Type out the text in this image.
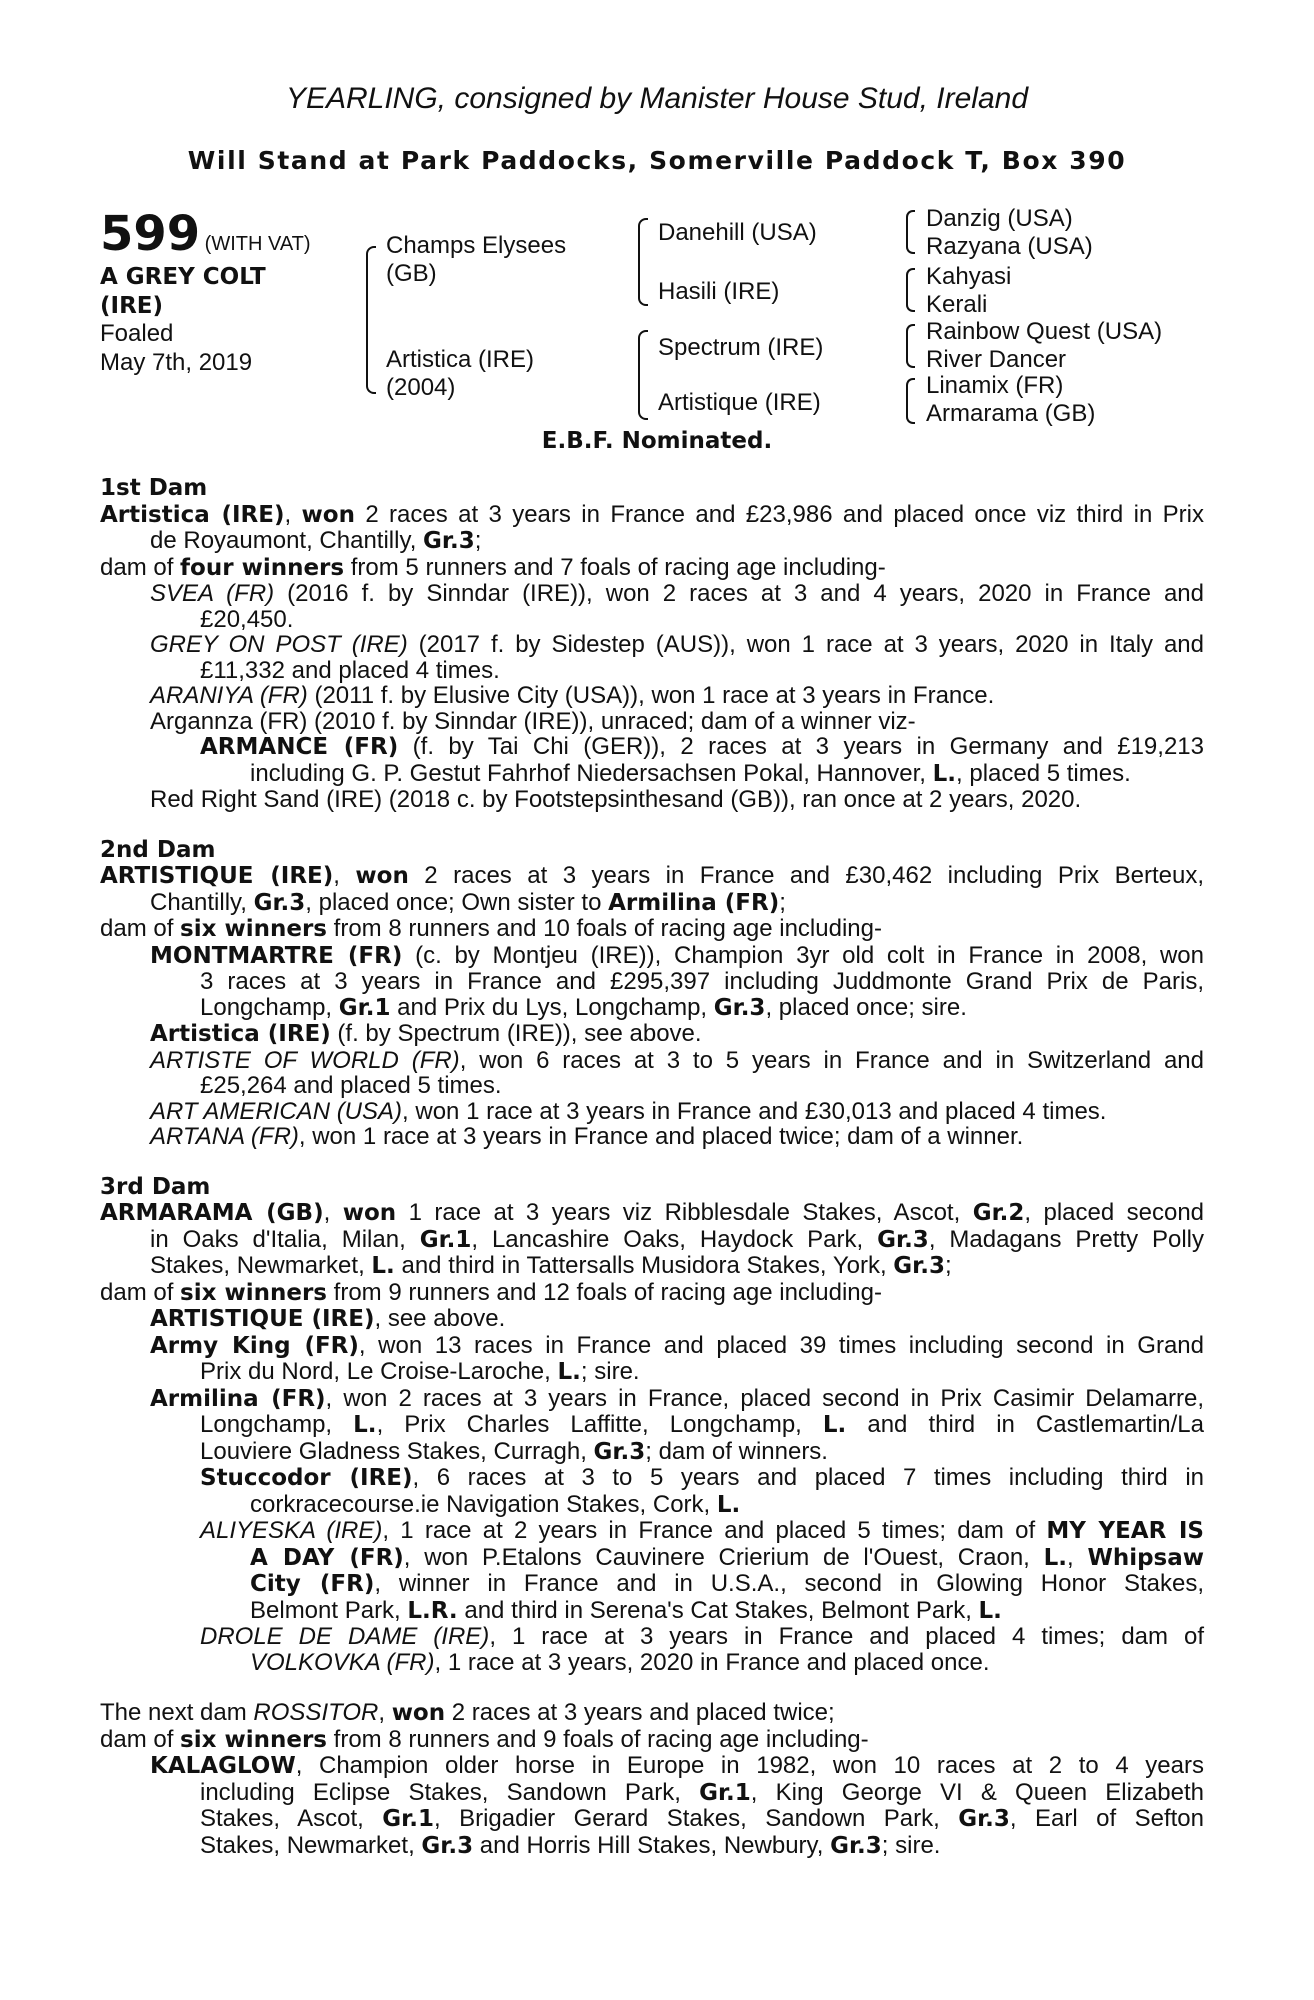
YEARLING, consigned by Manister House Stud, Ireland
Will Stand at Park Paddocks, Somerville Paddock T, Box 390
599 (WITH VAT)
A GREY COLT
(IRE)
Foaled
May 7th, 2019
Champs Elysees
(GB)
Artistica (IRE)
(2004)
Danehill (USA)
Hasili (IRE)
Spectrum (IRE)
Artistique (IRE)
Danzig (USA)
Razyana (USA)
Kahyasi
Kerali
Rainbow Quest (USA)
River Dancer
Linamix (FR)
Armarama (GB)
E.B.F. Nominated.
1st Dam
Artistica (IRE), won 2 races at 3 years in France and £23,986 and placed once viz third in Prix
de Royaumont, Chantilly, Gr.3;
dam of four winners from 5 runners and 7 foals of racing age including-
SVEA (FR) (2016 f. by Sinndar (IRE)), won 2 races at 3 and 4 years, 2020 in France and
£20,450.
GREY ON POST (IRE) (2017 f. by Sidestep (AUS)), won 1 race at 3 years, 2020 in Italy and
£11,332 and placed 4 times.
ARANIYA (FR) (2011 f. by Elusive City (USA)), won 1 race at 3 years in France.
Argannza (FR) (2010 f. by Sinndar (IRE)), unraced; dam of a winner viz-
ARMANCE (FR) (f. by Tai Chi (GER)), 2 races at 3 years in Germany and £19,213
including G. P. Gestut Fahrhof Niedersachsen Pokal, Hannover, L., placed 5 times.
Red Right Sand (IRE) (2018 c. by Footstepsinthesand (GB)), ran once at 2 years, 2020.
2nd Dam
ARTISTIQUE (IRE), won 2 races at 3 years in France and £30,462 including Prix Berteux,
Chantilly, Gr.3, placed once; Own sister to Armilina (FR);
dam of six winners from 8 runners and 10 foals of racing age including-
MONTMARTRE (FR) (c. by Montjeu (IRE)), Champion 3yr old colt in France in 2008, won
3 races at 3 years in France and £295,397 including Juddmonte Grand Prix de Paris,
Longchamp, Gr.1 and Prix du Lys, Longchamp, Gr.3, placed once; sire.
Artistica (IRE) (f. by Spectrum (IRE)), see above.
ARTISTE OF WORLD (FR), won 6 races at 3 to 5 years in France and in Switzerland and
£25,264 and placed 5 times.
ART AMERICAN (USA), won 1 race at 3 years in France and £30,013 and placed 4 times.
ARTANA (FR), won 1 race at 3 years in France and placed twice; dam of a winner.
3rd Dam
ARMARAMA (GB), won 1 race at 3 years viz Ribblesdale Stakes, Ascot, Gr.2, placed second
in Oaks d'Italia, Milan, Gr.1, Lancashire Oaks, Haydock Park, Gr.3, Madagans Pretty Polly
Stakes, Newmarket, L. and third in Tattersalls Musidora Stakes, York, Gr.3;
dam of six winners from 9 runners and 12 foals of racing age including-
ARTISTIQUE (IRE), see above.
Army King (FR), won 13 races in France and placed 39 times including second in Grand
Prix du Nord, Le Croise-Laroche, L.; sire.
Armilina (FR), won 2 races at 3 years in France, placed second in Prix Casimir Delamarre,
Longchamp, L., Prix Charles Laffitte, Longchamp, L. and third in Castlemartin/La
Louviere Gladness Stakes, Curragh, Gr.3; dam of winners.
Stuccodor (IRE), 6 races at 3 to 5 years and placed 7 times including third in
corkracecourse.ie Navigation Stakes, Cork, L.
ALIYESKA (IRE), 1 race at 2 years in France and placed 5 times; dam of MY YEAR IS
A DAY (FR), won P.Etalons Cauvinere Crierium de l'Ouest, Craon, L., Whipsaw
City (FR), winner in France and in U.S.A., second in Glowing Honor Stakes,
Belmont Park, L.R. and third in Serena's Cat Stakes, Belmont Park, L.
DROLE DE DAME (IRE), 1 race at 3 years in France and placed 4 times; dam of
VOLKOVKA (FR), 1 race at 3 years, 2020 in France and placed once.
The next dam ROSSITOR, won 2 races at 3 years and placed twice;
dam of six winners from 8 runners and 9 foals of racing age including-
KALAGLOW, Champion older horse in Europe in 1982, won 10 races at 2 to 4 years
including Eclipse Stakes, Sandown Park, Gr.1, King George VI & Queen Elizabeth
Stakes, Ascot, Gr.1, Brigadier Gerard Stakes, Sandown Park, Gr.3, Earl of Sefton
Stakes, Newmarket, Gr.3 and Horris Hill Stakes, Newbury, Gr.3; sire.
